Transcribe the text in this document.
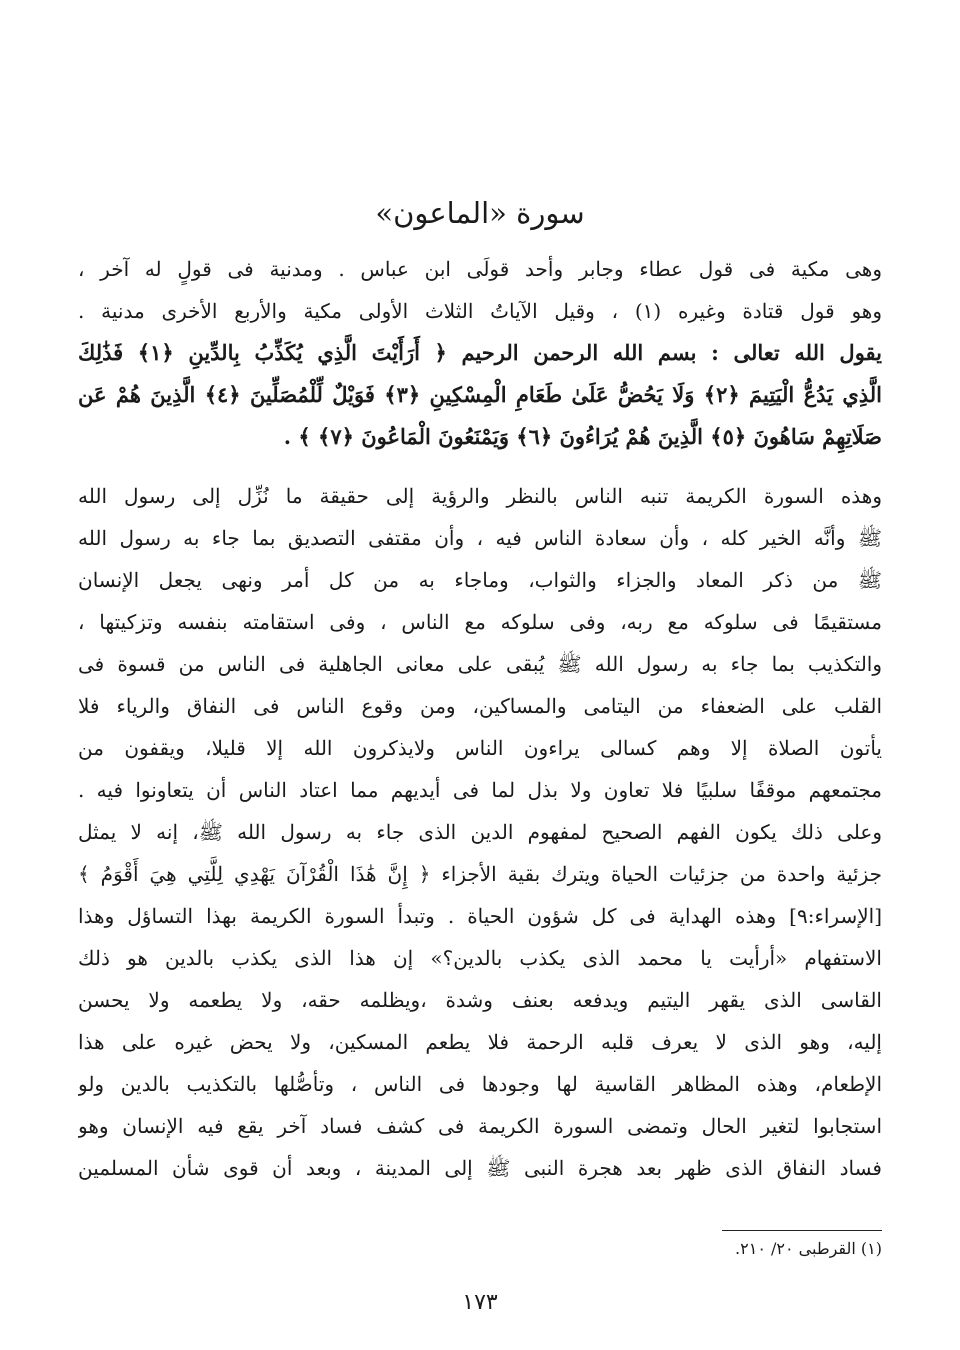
سورة «الماعون»
وهى مكية فى قول عطاء وجابر وأحد قولَى ابن عباس . ومدنية فى قولٍ له آخر ،
وهو قول قتادة وغيره (١) ، وقيل الآياتُ الثلاث الأولى مكية والأربع الأخرى مدنية .
يقول الله تعالى : بسم الله الرحمن الرحيم ﴿ أَرَأَيْتَ الَّذِي يُكَذِّبُ بِالدِّينِ ﴿١﴾ فَذَٰلِكَ
الَّذِي يَدُعُّ الْيَتِيمَ ﴿٢﴾ وَلَا يَحُضُّ عَلَىٰ طَعَامِ الْمِسْكِينِ ﴿٣﴾ فَوَيْلٌ لِّلْمُصَلِّينَ ﴿٤﴾ الَّذِينَ هُمْ عَن
صَلَاتِهِمْ سَاهُونَ ﴿٥﴾ الَّذِينَ هُمْ يُرَاءُونَ ﴿٦﴾ وَيَمْنَعُونَ الْمَاعُونَ ﴿٧﴾ ﴾ .
وهذه السورة الكريمة تنبه الناس بالنظر والرؤية إلى حقيقة ما نُزِّل إلى رسول الله
ﷺ وأنَّه الخير كله ، وأن سعادة الناس فيه ، وأن مقتفى التصديق بما جاء به رسول الله
ﷺ من ذكر المعاد والجزاء والثواب، وماجاء به من كل أمر ونهى يجعل الإنسان
مستقيمًا فى سلوكه مع ربه، وفى سلوكه مع الناس ، وفى استقامته بنفسه وتزكيتها ،
والتكذيب بما جاء به رسول الله ﷺ يُبقى على معانى الجاهلية فى الناس من قسوة فى
القلب على الضعفاء من اليتامى والمساكين، ومن وقوع الناس فى النفاق والرياء فلا
يأتون الصلاة إلا وهم كسالى يراءون الناس ولايذكرون الله إلا قليلا، ويقفون من
مجتمعهم موقفًا سلبيًا فلا تعاون ولا بذل لما فى أيديهم مما اعتاد الناس أن يتعاونوا فيه .
وعلى ذلك يكون الفهم الصحيح لمفهوم الدين الذى جاء به رسول الله ﷺ، إنه لا يمثل
جزئية واحدة من جزئيات الحياة ويترك بقية الأجزاء ﴿ إِنَّ هَٰذَا الْقُرْآنَ يَهْدِي لِلَّتِي هِيَ أَقْوَمُ ﴾
[الإسراء:٩] وهذه الهداية فى كل شؤون الحياة . وتبدأ السورة الكريمة بهذا التساؤل وهذا
الاستفهام «أرأيت يا محمد الذى يكذب بالدين؟» إن هذا الذى يكذب بالدين هو ذلك
القاسى الذى يقهر اليتيم ويدفعه بعنف وشدة ،ويظلمه حقه، ولا يطعمه ولا يحسن
إليه، وهو الذى لا يعرف قلبه الرحمة فلا يطعم المسكين، ولا يحض غيره على هذا
الإطعام، وهذه المظاهر القاسية لها وجودها فى الناس ، وتأصُّلها بالتكذيب بالدين ولو
استجابوا لتغير الحال وتمضى السورة الكريمة فى كشف فساد آخر يقع فيه الإنسان وهو
فساد النفاق الذى ظهر بعد هجرة النبى ﷺ إلى المدينة ، وبعد أن قوى شأن المسلمين

(١) القرطبى ٢٠/ ٢١٠.

١٧٣
